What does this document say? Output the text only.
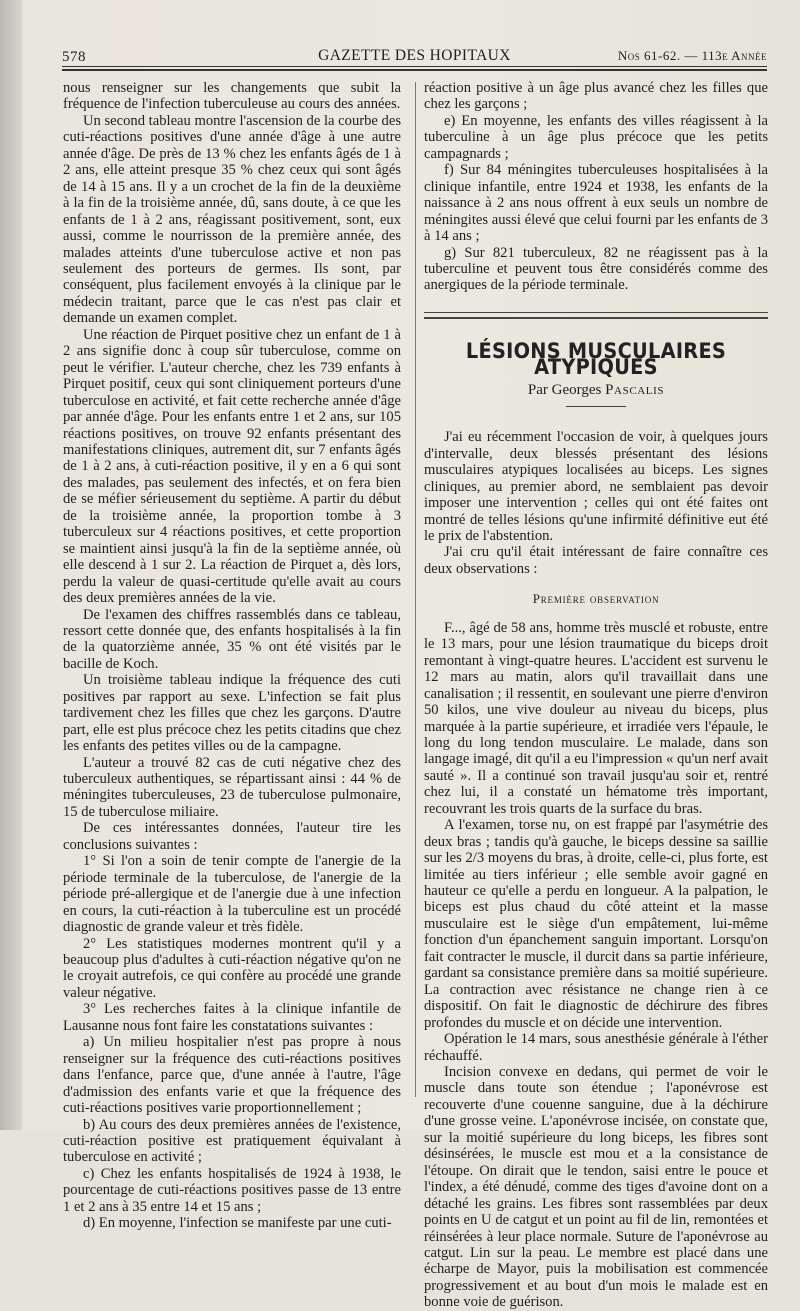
578	GAZETTE DES HOPITAUX	Nos 61-62. — 113e Année

nous renseigner sur les changements que subit la fréquence de l'infection tuberculeuse au cours des années.

Un second tableau montre l'ascension de la courbe des cuti-réactions positives d'une année d'âge à une autre année d'âge. De près de 13 % chez les enfants âgés de 1 à 2 ans, elle atteint presque 35 % chez ceux qui sont âgés de 14 à 15 ans. Il y a un crochet de la fin de la deuxième à la fin de la troisième année, dû, sans doute, à ce que les enfants de 1 à 2 ans, réagissant positivement, sont, eux aussi, comme le nourrisson de la première année, des malades atteints d'une tuberculose active et non pas seulement des porteurs de germes. Ils sont, par conséquent, plus facilement envoyés à la clinique par le médecin traitant, parce que le cas n'est pas clair et demande un examen complet.

Une réaction de Pirquet positive chez un enfant de 1 à 2 ans signifie donc à coup sûr tuberculose, comme on peut le vérifier. L'auteur cherche, chez les 739 enfants à Pirquet positif, ceux qui sont cliniquement porteurs d'une tuberculose en activité, et fait cette recherche année d'âge par année d'âge. Pour les enfants entre 1 et 2 ans, sur 105 réactions positives, on trouve 92 enfants présentant des manifestations cliniques, autrement dit, sur 7 enfants âgés de 1 à 2 ans, à cuti-réaction positive, il y en a 6 qui sont des malades, pas seulement des infectés, et on fera bien de se méfier sérieusement du septième. A partir du début de la troisième année, la proportion tombe à 3 tuberculeux sur 4 réactions positives, et cette proportion se maintient ainsi jusqu'à la fin de la septième année, où elle descend à 1 sur 2. La réaction de Pirquet a, dès lors, perdu la valeur de quasi-certitude qu'elle avait au cours des deux premières années de la vie.

De l'examen des chiffres rassemblés dans ce tableau, ressort cette donnée que, des enfants hospitalisés à la fin de la quatorzième année, 35 % ont été visités par le bacille de Koch.

Un troisième tableau indique la fréquence des cuti positives par rapport au sexe. L'infection se fait plus tardivement chez les filles que chez les garçons. D'autre part, elle est plus précoce chez les petits citadins que chez les enfants des petites villes ou de la campagne.

L'auteur a trouvé 82 cas de cuti négative chez des tuberculeux authentiques, se répartissant ainsi : 44 % de méningites tuberculeuses, 23 de tuberculose pulmonaire, 15 de tuberculose miliaire.

De ces intéressantes données, l'auteur tire les conclusions suivantes :

1° Si l'on a soin de tenir compte de l'anergie de la période terminale de la tuberculose, de l'anergie de la période pré-allergique et de l'anergie due à une infection en cours, la cuti-réaction à la tuberculine est un procédé diagnostic de grande valeur et très fidèle.

2° Les statistiques modernes montrent qu'il y a beaucoup plus d'adultes à cuti-réaction négative qu'on ne le croyait autrefois, ce qui confère au procédé une grande valeur négative.

3° Les recherches faites à la clinique infantile de Lausanne nous font faire les constatations suivantes :

a) Un milieu hospitalier n'est pas propre à nous renseigner sur la fréquence des cuti-réactions positives dans l'enfance, parce que, d'une année à l'autre, l'âge d'admission des enfants varie et que la fréquence des cuti-réactions positives varie proportionnellement ;

b) Au cours des deux premières années de l'existence, cuti-réaction positive est pratiquement équivalant à tuberculose en activité ;

c) Chez les enfants hospitalisés de 1924 à 1938, le pourcentage de cuti-réactions positives passe de 13 entre 1 et 2 ans à 35 entre 14 et 15 ans ;

d) En moyenne, l'infection se manifeste par une cuti-

réaction positive à un âge plus avancé chez les filles que chez les garçons ;

e) En moyenne, les enfants des villes réagissent à la tuberculine à un âge plus précoce que les petits campagnards ;

f) Sur 84 méningites tuberculeuses hospitalisées à la clinique infantile, entre 1924 et 1938, les enfants de la naissance à 2 ans nous offrent à eux seuls un nombre de méningites aussi élevé que celui fourni par les enfants de 3 à 14 ans ;

g) Sur 821 tuberculeux, 82 ne réagissent pas à la tuberculine et peuvent tous être considérés comme des anergiques de la période terminale.

LÉSIONS MUSCULAIRES ATYPIQUES
Par Georges Pascalis

J'ai eu récemment l'occasion de voir, à quelques jours d'intervalle, deux blessés présentant des lésions musculaires atypiques localisées au biceps. Les signes cliniques, au premier abord, ne semblaient pas devoir imposer une intervention ; celles qui ont été faites ont montré de telles lésions qu'une infirmité définitive eut été le prix de l'abstention.

J'ai cru qu'il était intéressant de faire connaître ces deux observations :

Première observation

F..., âgé de 58 ans, homme très musclé et robuste, entre le 13 mars, pour une lésion traumatique du biceps droit remontant à vingt-quatre heures. L'accident est survenu le 12 mars au matin, alors qu'il travaillait dans une canalisation ; il ressentit, en soulevant une pierre d'environ 50 kilos, une vive douleur au niveau du biceps, plus marquée à la partie supérieure, et irradiée vers l'épaule, le long du long tendon musculaire. Le malade, dans son langage imagé, dit qu'il a eu l'impression « qu'un nerf avait sauté ». Il a continué son travail jusqu'au soir et, rentré chez lui, il a constaté un hématome très important, recouvrant les trois quarts de la surface du bras.

A l'examen, torse nu, on est frappé par l'asymétrie des deux bras ; tandis qu'à gauche, le biceps dessine sa saillie sur les 2/3 moyens du bras, à droite, celle-ci, plus forte, est limitée au tiers inférieur ; elle semble avoir gagné en hauteur ce qu'elle a perdu en longueur. A la palpation, le biceps est plus chaud du côté atteint et la masse musculaire est le siège d'un empâtement, lui-même fonction d'un épanchement sanguin important. Lorsqu'on fait contracter le muscle, il durcit dans sa partie inférieure, gardant sa consistance première dans sa moitié supérieure. La contraction avec résistance ne change rien à ce dispositif. On fait le diagnostic de déchirure des fibres profondes du muscle et on décide une intervention.

Opération le 14 mars, sous anesthésie générale à l'éther réchauffé.

Incision convexe en dedans, qui permet de voir le muscle dans toute son étendue ; l'aponévrose est recouverte d'une couenne sanguine, due à la déchirure d'une grosse veine. L'aponévrose incisée, on constate que, sur la moitié supérieure du long biceps, les fibres sont désinsérées, le muscle est mou et a la consistance de l'étoupe. On dirait que le tendon, saisi entre le pouce et l'index, a été dénudé, comme des tiges d'avoine dont on a détaché les grains. Les fibres sont rassemblées par deux points en U de catgut et un point au fil de lin, remontées et réinsérées à leur place normale. Suture de l'aponévrose au catgut. Lin sur la peau. Le membre est placé dans une écharpe de Mayor, puis la mobilisation est commencée progressivement et au bout d'un mois le malade est en bonne voie de guérison.
